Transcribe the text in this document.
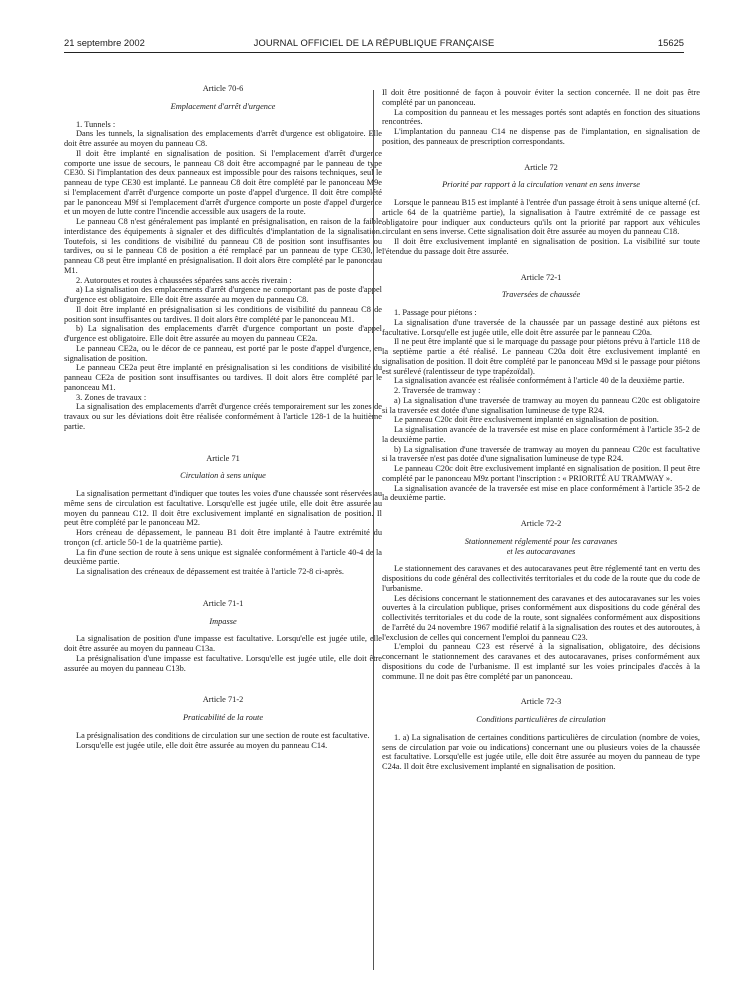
21 septembre 2002	JOURNAL OFFICIEL DE LA RÉPUBLIQUE FRANÇAISE	15625

Article 70-6

Emplacement d'arrêt d'urgence

1. Tunnels :

Dans les tunnels, la signalisation des emplacements d'arrêt d'urgence est obligatoire. Elle doit être assurée au moyen du panneau C8.

Il doit être implanté en signalisation de position. Si l'emplacement d'arrêt d'urgence comporte une issue de secours, le panneau C8 doit être accompagné par le panneau de type CE30. Si l'implantation des deux panneaux est impossible pour des raisons techniques, seul le panneau de type CE30 est implanté. Le panneau C8 doit être complété par le panonceau M9e si l'emplacement d'arrêt d'urgence comporte un poste d'appel d'urgence. Il doit être complété par le panonceau M9f si l'emplacement d'arrêt d'urgence comporte un poste d'appel d'urgence et un moyen de lutte contre l'incendie accessible aux usagers de la route.

Le panneau C8 n'est généralement pas implanté en présignalisation, en raison de la faible interdistance des équipements à signaler et des difficultés d'implantation de la signalisation. Toutefois, si les conditions de visibilité du panneau C8 de position sont insuffisantes ou tardives, ou si le panneau C8 de position a été remplacé par un panneau de type CE30, le panneau C8 peut être implanté en présignalisation. Il doit alors être complété par le panonceau M1.

2. Autoroutes et routes à chaussées séparées sans accès riverain :

a) La signalisation des emplacements d'arrêt d'urgence ne comportant pas de poste d'appel d'urgence est obligatoire. Elle doit être assurée au moyen du panneau C8.

Il doit être implanté en présignalisation si les conditions de visibilité du panneau C8 de position sont insuffisantes ou tardives. Il doit alors être complété par le panonceau M1.

b) La signalisation des emplacements d'arrêt d'urgence comportant un poste d'appel d'urgence est obligatoire. Elle doit être assurée au moyen du panneau CE2a.

Le panneau CE2a, ou le décor de ce panneau, est porté par le poste d'appel d'urgence, en signalisation de position.

Le panneau CE2a peut être implanté en présignalisation si les conditions de visibilité du panneau CE2a de position sont insuffisantes ou tardives. Il doit alors être complété par le panonceau M1.

3. Zones de travaux :

La signalisation des emplacements d'arrêt d'urgence créés temporairement sur les zones de travaux ou sur les déviations doit être réalisée conformément à l'article 128-1 de la huitième partie.

Article 71

Circulation à sens unique

La signalisation permettant d'indiquer que toutes les voies d'une chaussée sont réservées au même sens de circulation est facultative. Lorsqu'elle est jugée utile, elle doit être assurée au moyen du panneau C12. Il doit être exclusivement implanté en signalisation de position. Il peut être complété par le panonceau M2.

Hors créneau de dépassement, le panneau B1 doit être implanté à l'autre extrémité du tronçon (cf. article 50-1 de la quatrième partie).

La fin d'une section de route à sens unique est signalée conformément à l'article 40-4 de la deuxième partie.

La signalisation des créneaux de dépassement est traitée à l'article 72-8 ci-après.

Article 71-1

Impasse

La signalisation de position d'une impasse est facultative. Lorsqu'elle est jugée utile, elle doit être assurée au moyen du panneau C13a.

La présignalisation d'une impasse est facultative. Lorsqu'elle est jugée utile, elle doit être assurée au moyen du panneau C13b.

Article 71-2

Praticabilité de la route

La présignalisation des conditions de circulation sur une section de route est facultative.

Lorsqu'elle est jugée utile, elle doit être assurée au moyen du panneau C14.

Il doit être positionné de façon à pouvoir éviter la section concernée. Il ne doit pas être complété par un panonceau.

La composition du panneau et les messages portés sont adaptés en fonction des situations rencontrées.

L'implantation du panneau C14 ne dispense pas de l'implantation, en signalisation de position, des panneaux de prescription correspondants.

Article 72

Priorité par rapport à la circulation venant en sens inverse

Lorsque le panneau B15 est implanté à l'entrée d'un passage étroit à sens unique alterné (cf. article 64 de la quatrième partie), la signalisation à l'autre extrémité de ce passage est obligatoire pour indiquer aux conducteurs qu'ils ont la priorité par rapport aux véhicules circulant en sens inverse. Cette signalisation doit être assurée au moyen du panneau C18.

Il doit être exclusivement implanté en signalisation de position. La visibilité sur toute l'étendue du passage doit être assurée.

Article 72-1

Traversées de chaussée

1. Passage pour piétons :

La signalisation d'une traversée de la chaussée par un passage destiné aux piétons est facultative. Lorsqu'elle est jugée utile, elle doit être assurée par le panneau C20a.

Il ne peut être implanté que si le marquage du passage pour piétons prévu à l'article 118 de la septième partie a été réalisé. Le panneau C20a doit être exclusivement implanté en signalisation de position. Il doit être complété par le panonceau M9d si le passage pour piétons est surélevé (ralentisseur de type trapézoïdal).

La signalisation avancée est réalisée conformément à l'article 40 de la deuxième partie.

2. Traversée de tramway :

a) La signalisation d'une traversée de tramway au moyen du panneau C20c est obligatoire si la traversée est dotée d'une signalisation lumineuse de type R24.

Le panneau C20c doit être exclusivement implanté en signalisation de position.

La signalisation avancée de la traversée est mise en place conformément à l'article 35-2 de la deuxième partie.

b) La signalisation d'une traversée de tramway au moyen du panneau C20c est facultative si la traversée n'est pas dotée d'une signalisation lumineuse de type R24.

Le panneau C20c doit être exclusivement implanté en signalisation de position. Il peut être complété par le panonceau M9z portant l'inscription : « PRIORITÉ AU TRAMWAY ».

La signalisation avancée de la traversée est mise en place conformément à l'article 35-2 de la deuxième partie.

Article 72-2

Stationnement réglementé pour les caravanes

et les autocaravanes

Le stationnement des caravanes et des autocaravanes peut être réglementé tant en vertu des dispositions du code général des collectivités territoriales et du code de la route que du code de l'urbanisme.

Les décisions concernant le stationnement des caravanes et des autocaravanes sur les voies ouvertes à la circulation publique, prises conformément aux dispositions du code général des collectivités territoriales et du code de la route, sont signalées conformément aux dispositions de l'arrêté du 24 novembre 1967 modifié relatif à la signalisation des routes et des autoroutes, à l'exclusion de celles qui concernent l'emploi du panneau C23.

L'emploi du panneau C23 est réservé à la signalisation, obligatoire, des décisions concernant le stationnement des caravanes et des autocaravanes, prises conformément aux dispositions du code de l'urbanisme. Il est implanté sur les voies principales d'accès à la commune. Il ne doit pas être complété par un panonceau.

Article 72-3

Conditions particulières de circulation

1. a) La signalisation de certaines conditions particulières de circulation (nombre de voies, sens de circulation par voie ou indications) concernant une ou plusieurs voies de la chaussée est facultative. Lorsqu'elle est jugée utile, elle doit être assurée au moyen du panneau de type C24a. Il doit être exclusivement implanté en signalisation de position.
